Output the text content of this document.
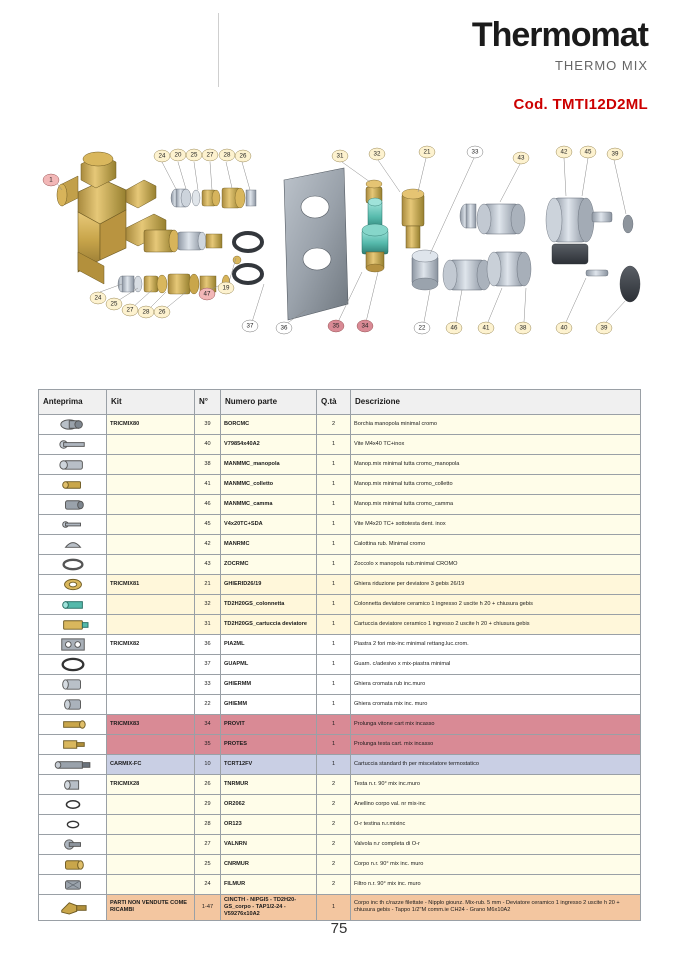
Thermomat
THERMO MIX
Cod. TMTI12D2ML
24 20 25 27 28 26
1
24
25
27 28 26
19
47
37	36	35	34
31	32	21	33
43
42	45	39
22	46	41	38	40	39
Anteprima	Kit	N°	Numero parte	Q.tà	Descrizione

	TRICMIX80	39	BORCMC	2	Borchia manopola minimal cromo

		40	V79854x40A2	1	Vite M4x40 TC+inox

		38	MANMMC_manopola	1	Manop.mix minimal tutta cromo_manopola

		41	MANMMC_colletto	1	Manop.mix minimal tutta cromo_colletto

		46	MANMMC_camma	1	Manop.mix minimal tutta cromo_camma

		45	V4x20TC+SDA	1	Vite M4x20 TC+ sottotesta dent. inox

		42	MANRMC	1	Calottina rub. Minimal cromo

		43	ZOCRMC	1	Zoccolo x manopola rub.minimal CROMO

	TRICMIX81	21	GHIERID26/19	1	Ghiera riduzione per deviatore 3 gebis 26/19

		32	TD2H20GS_colonnetta	1	Colonnetta deviatore ceramico 1 ingresso 2 uscite h 20 + chiusura gebis

		31	TD2H20GS_cartuccia deviatore	1	Cartuccia deviatore ceramico 1 ingresso 2 uscite h 20 + chiusura gebis

	TRICMIX82	36	PIA2ML	1	Piastra 2 fori mix-inc minimal rettang.luc.crom.

		37	GUAPML	1	Guarn. c/adesivo x mix-piastra minimal

		33	GHIERMM	1	Ghiera cromata rub inc.muro

		22	GHIEMM	1	Ghiera cromata mix inc. muro

	TRICMIX83	34	PROVIT	1	Prolunga vitone cart mix incasso

		35	PROTES	1	Prolunga testa cart. mix incasso

	CARMIX-FC	10	TCRT12FV	1	Cartuccia standard th per miscelatore termostatico

	TRICMIX28	26	TNRMUR	2	Testa n.r. 90° mix inc.muro

		29	OR2062	2	Anellino corpo val. nr mix-inc

		28	OR123	2	O-r testina n.r.mixinc

		27	VALNRN	2	Valvola n.r completa di O-r

		25	CNRMUR	2	Corpo n.r. 90° mix inc. muro

		24	FILMUR	2	Filtro n.r. 90° mix inc. muro

	PARTI NON VENDUTE COME RICAMBI	1-47	CINCTH - NIPGI5 - TD2H20-GS_corpo - TAP1/2-24 - V59276x10A2	1	Corpo inc th c/razze filettate - Nipplo giounz. Mix-rub. 5 mm - Deviatore ceramico 1 ingresso 2 uscite h 20 + chiusura gebis - Tappo 1/2"M comm.ie CH24 - Grano M6x10A2
75
